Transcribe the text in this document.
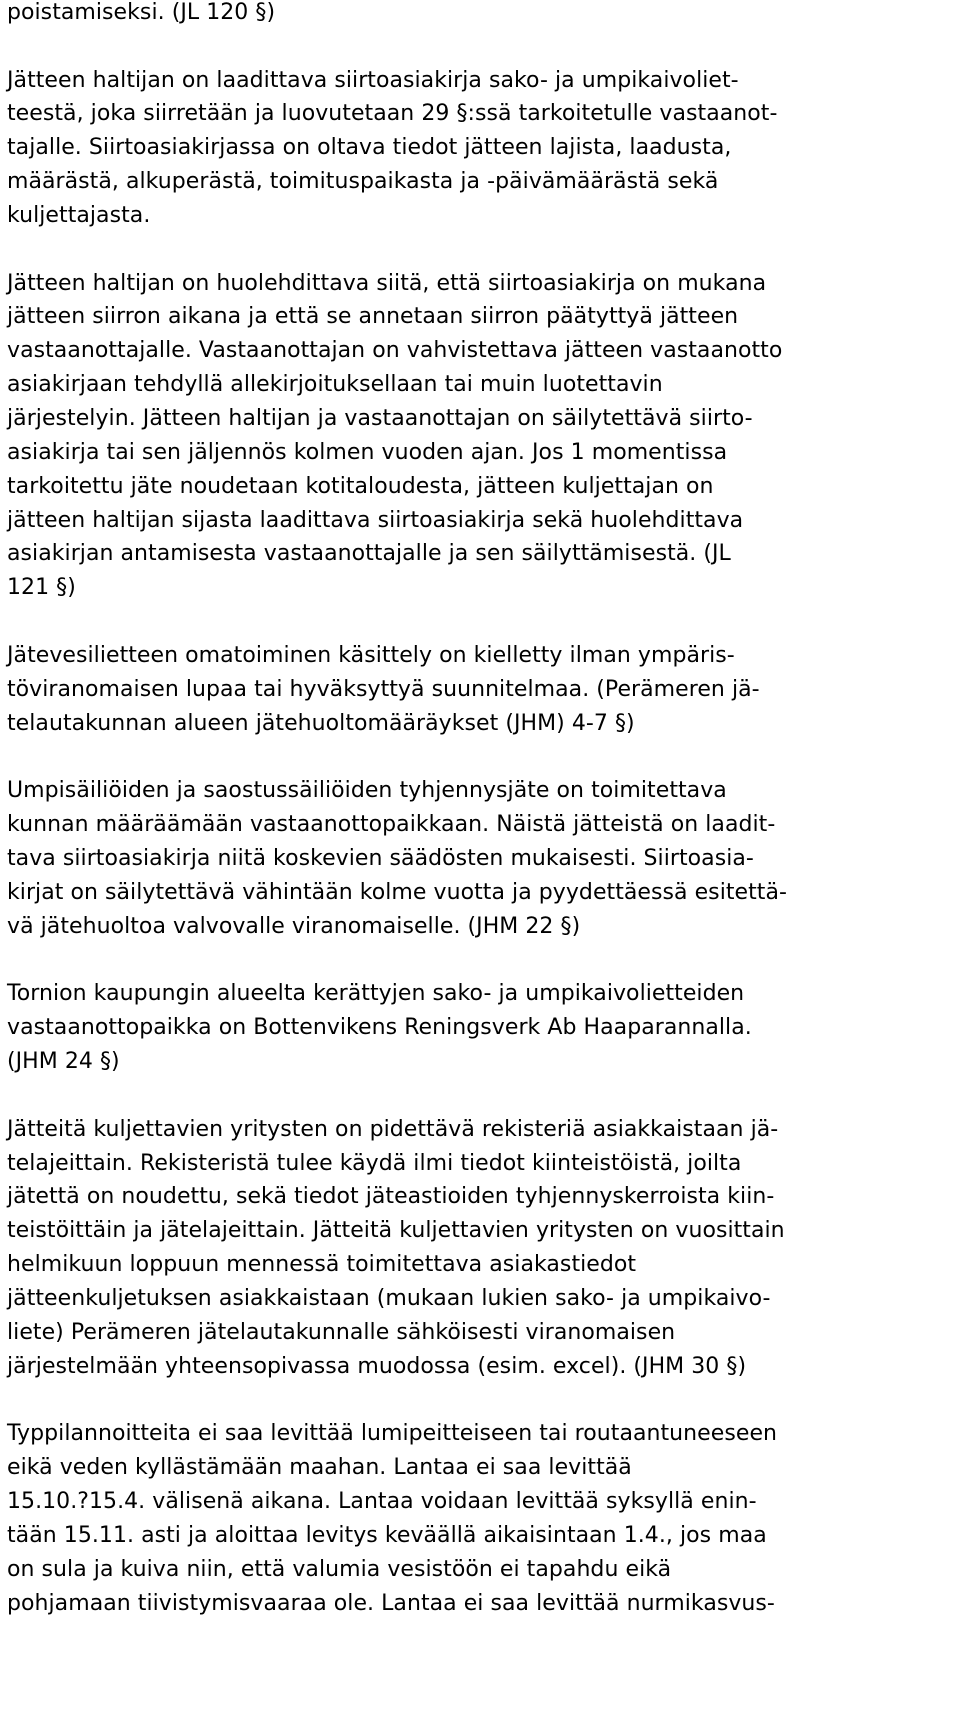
poistamiseksi. (JL 120 §)
Jätteen haltijan on laadittava siirtoasiakirja sako- ja umpikaivoliet-
teestä, joka siirretään ja luovutetaan 29 §:ssä tarkoitetulle vastaanot-
tajalle. Siirtoasiakirjassa on oltava tiedot jätteen lajista, laadusta,
määrästä, alkuperästä, toimituspaikasta ja -päivämäärästä sekä
kuljettajasta.
Jätteen haltijan on huolehdittava siitä, että siirtoasiakirja on mukana
jätteen siirron aikana ja että se annetaan siirron päätyttyä jätteen
vastaanottajalle. Vastaanottajan on vahvistettava jätteen vastaanotto
asiakirjaan tehdyllä allekirjoituksellaan tai muin luotettavin
järjestelyin. Jätteen haltijan ja vastaanottajan on säilytettävä siirto-
asiakirja tai sen jäljennös kolmen vuoden ajan. Jos 1 momentissa
tarkoitettu jäte noudetaan kotitaloudesta, jätteen kuljettajan on
jätteen haltijan sijasta laadittava siirtoasiakirja sekä huolehdittava
asiakirjan antamisesta vastaanottajalle ja sen säilyttämisestä. (JL
121 §)
Jätevesilietteen omatoiminen käsittely on kielletty ilman ympäris-
töviranomaisen lupaa tai hyväksyttyä suunnitelmaa. (Perämeren jä-
telautakunnan alueen jätehuoltomääräykset (JHM) 4-7 §)
Umpisäiliöiden ja saostussäiliöiden tyhjennysjäte on toimitettava
kunnan määräämään vastaanottopaikkaan. Näistä jätteistä on laadit-
tava siirtoasiakirja niitä koskevien säädösten mukaisesti. Siirtoasia-
kirjat on säilytettävä vähintään kolme vuotta ja pyydettäessä esitettä-
vä jätehuoltoa valvovalle viranomaiselle. (JHM 22 §)
Tornion kaupungin alueelta kerättyjen sako- ja umpikaivolietteiden
vastaanottopaikka on Bottenvikens Reningsverk Ab Haaparannalla.
(JHM 24 §)
Jätteitä kuljettavien yritysten on pidettävä rekisteriä asiakkaistaan jä-
telajeittain. Rekisteristä tulee käydä ilmi tiedot kiinteistöistä, joilta
jätettä on noudettu, sekä tiedot jäteastioiden tyhjennyskerroista kiin-
teistöittäin ja jätelajeittain. Jätteitä kuljettavien yritysten on vuosittain
helmikuun loppuun mennessä toimitettava asiakastiedot
jätteenkuljetuksen asiakkaistaan (mukaan lukien sako- ja umpikaivo-
liete) Perämeren jätelautakunnalle sähköisesti viranomaisen
järjestelmään yhteensopivassa muodossa (esim. excel). (JHM 30 §)
Typpilannoitteita ei saa levittää lumipeitteiseen tai routaantuneeseen
eikä veden kyllästämään maahan. Lantaa ei saa levittää
15.10.?15.4. välisenä aikana. Lantaa voidaan levittää syksyllä enin-
tään 15.11. asti ja aloittaa levitys keväällä aikaisintaan 1.4., jos maa
on sula ja kuiva niin, että valumia vesistöön ei tapahdu eikä
pohjamaan tiivistymisvaaraa ole. Lantaa ei saa levittää nurmikasvus-
